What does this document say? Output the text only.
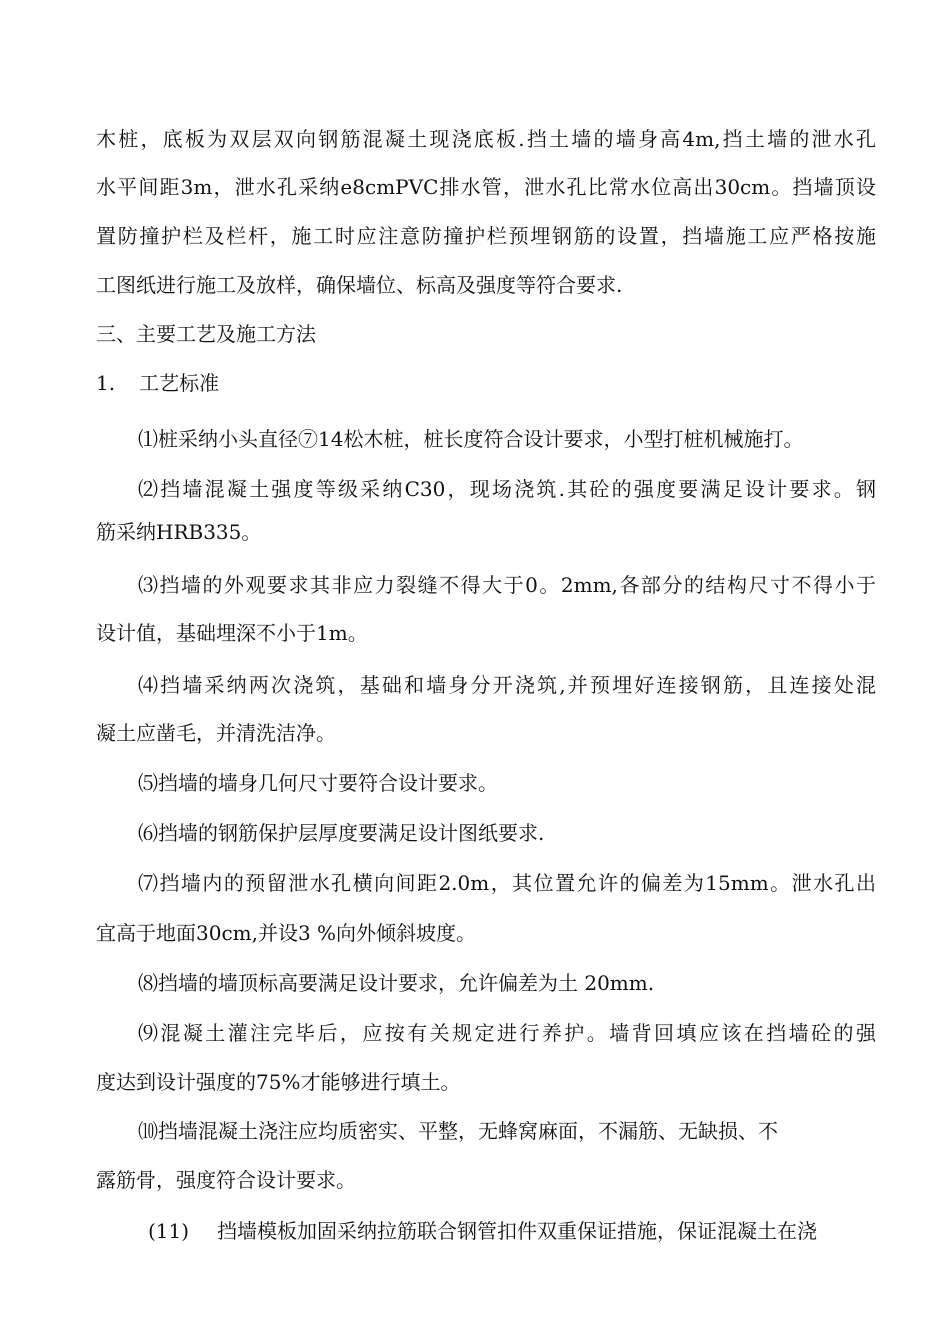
木桩，底板为双层双向钢筋混凝土现浇底板.挡土墙的墙身高4m,挡土墙的泄水孔
水平间距3m，泄水孔采纳e8cmPVC排水管，泄水孔比常水位高出30cm。挡墙顶设
置防撞护栏及栏杆，施工时应注意防撞护栏预埋钢筋的设置，挡墙施工应严格按施
工图纸进行施工及放样，确保墙位、标高及强度等符合要求.
三、主要工艺及施工方法
1. 工艺标准
⑴桩采纳小头直径⑦14松木桩，桩长度符合设计要求，小型打桩机械施打。
⑵挡墙混凝土强度等级采纳C30，现场浇筑.其砼的强度要满足设计要求。钢
筋采纳HRB335。
⑶挡墙的外观要求其非应力裂缝不得大于0。2mm,各部分的结构尺寸不得小于
设计值，基础埋深不小于1m。
⑷挡墙采纳两次浇筑，基础和墙身分开浇筑,并预埋好连接钢筋，且连接处混
凝土应凿毛，并清洗洁净。
⑸挡墙的墙身几何尺寸要符合设计要求。
⑹挡墙的钢筋保护层厚度要满足设计图纸要求.
⑺挡墙内的预留泄水孔横向间距2.0m，其位置允许的偏差为15mm。泄水孔出
宜高于地面30cm,并设3 %向外倾斜坡度。
⑻挡墙的墙顶标高要满足设计要求，允许偏差为土 20mm.
⑼混凝土灌注完毕后，应按有关规定进行养护。墙背回填应该在挡墙砼的强
度达到设计强度的75%才能够进行填土。
⑽挡墙混凝土浇注应均质密实、平整，无蜂窝麻面，不漏筋、无缺损、不
露筋骨，强度符合设计要求。
(11) 挡墙模板加固采纳拉筋联合钢管扣件双重保证措施，保证混凝土在浇
